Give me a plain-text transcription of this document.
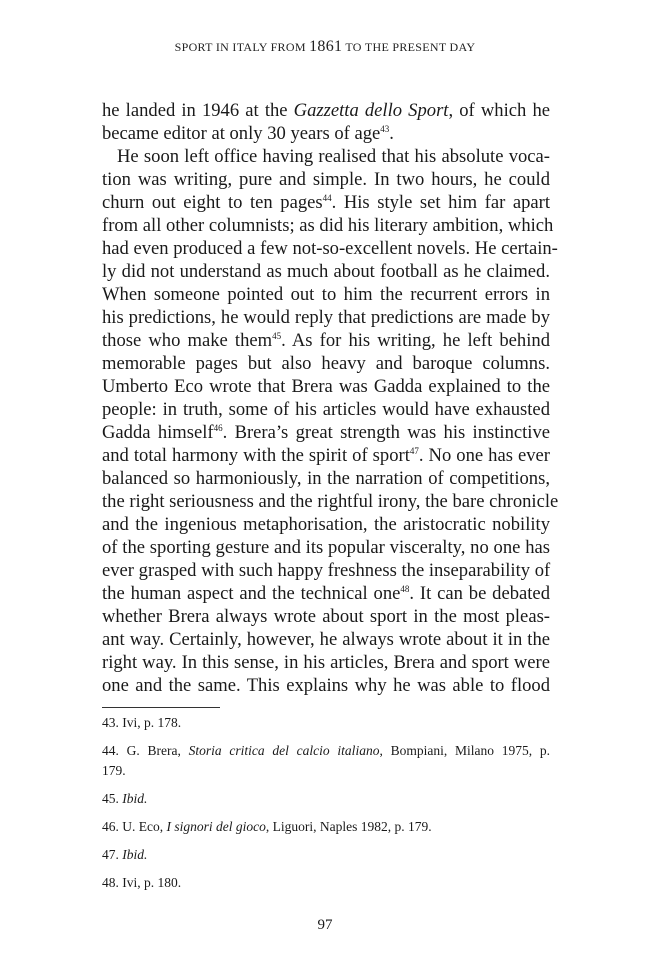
SPORT IN ITALY FROM 1861 TO THE PRESENT DAY
he landed in 1946 at the Gazzetta dello Sport, of which he
became editor at only 30 years of age$^{43}$.
He soon left office having realised that his absolute voca-
tion was writing, pure and simple. In two hours, he could
churn out eight to ten pages$^{44}$. His style set him far apart
from all other columnists; as did his literary ambition, which
had even produced a few not-so-excellent novels. He certain-
ly did not understand as much about football as he claimed.
When someone pointed out to him the recurrent errors in
his predictions, he would reply that predictions are made by
those who make them$^{45}$. As for his writing, he left behind
memorable pages but also heavy and baroque columns.
Umberto Eco wrote that Brera was Gadda explained to the
people: in truth, some of his articles would have exhausted
Gadda himself$^{46}$. Brera’s great strength was his instinctive
and total harmony with the spirit of sport$^{47}$. No one has ever
balanced so harmoniously, in the narration of competitions,
the right seriousness and the rightful irony, the bare chronicle
and the ingenious metaphorisation, the aristocratic nobility
of the sporting gesture and its popular visceralty, no one has
ever grasped with such happy freshness the inseparability of
the human aspect and the technical one$^{48}$. It can be debated
whether Brera always wrote about sport in the most pleas-
ant way. Certainly, however, he always wrote about it in the
right way. In this sense, in his articles, Brera and sport were
one and the same. This explains why he was able to flood
43. Ivi, p. 178.
44. G. Brera, Storia critica del calcio italiano, Bompiani, Milano 1975, p.
179.
45. Ibid.
46. U. Eco, I signori del gioco, Liguori, Naples 1982, p. 179.
47. Ibid.
48. Ivi, p. 180.
97
